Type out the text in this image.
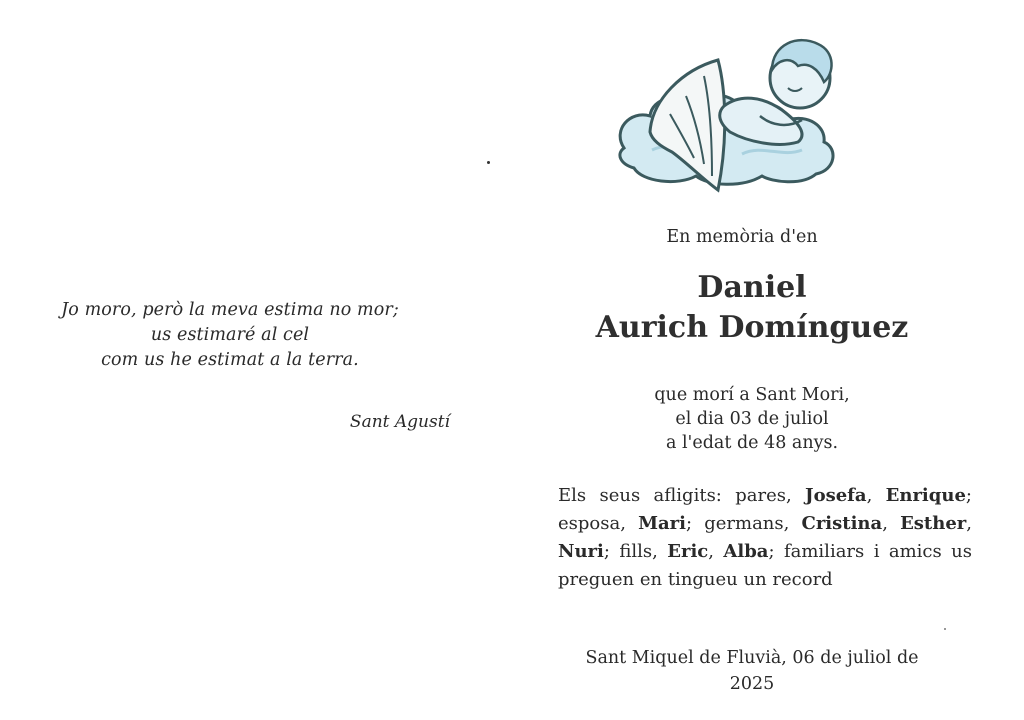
Jo moro, però la meva estima no mor;
us estimaré al cel
com us he estimat a la terra.
Sant Agustí
En memòria d'en
Daniel
Aurich Domínguez
que morí a Sant Mori,
el dia 03 de juliol
a l'edat de 48 anys.
Els seus afligits: pares, Josefa, Enrique; esposa, Mari; germans, Cristina, Esther, Nuri; fills, Eric, Alba; familiars i amics us preguen en tingueu un record
Sant Miquel de Fluvià, 06 de juliol de
2025
